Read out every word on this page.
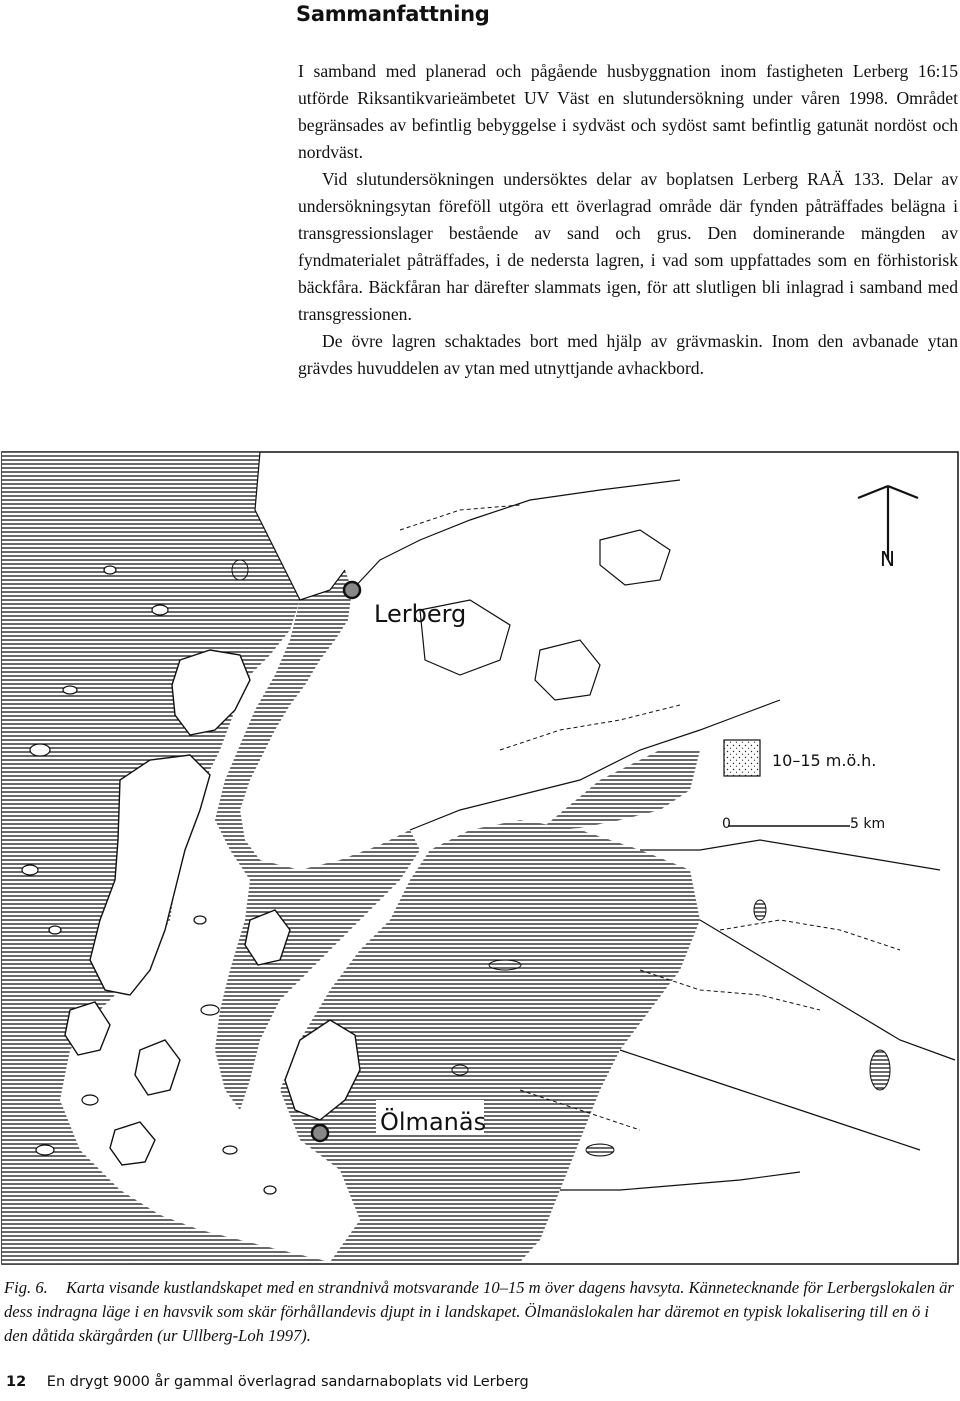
Sammanfattning

I samband med planerad och pågående husbyggnation inom fastigheten Lerberg 16:15 utförde Riksantikvarieämbetet UV Väst en slutundersökning under våren 1998. Området begränsades av befintlig bebyggelse i sydväst och sydöst samt befintlig gatunät nordöst och nordväst.

Vid slutundersökningen undersöktes delar av boplatsen Lerberg RAÄ 133. Delar av undersökningsytan föreföll utgöra ett överlagrad område där fynden påträffades belägna i transgressionslager bestående av sand och grus. Den dominerande mängden av fyndmaterialet påträffades, i de nedersta lagren, i vad som uppfattades som en förhistorisk bäckfåra. Bäckfåran har därefter slammats igen, för att slutligen bli inlagrad i samband med transgressionen.

De övre lagren schaktades bort med hjälp av grävmaskin. Inom den avbanade ytan grävdes huvuddelen av ytan med utnyttjande avhackbord.

N
Lerberg
Ölmanäs
10–15 m.ö.h.
0	5 km
Fig. 6. Karta visande kustlandskapet med en strandnivå motsvarande 10–15 m över dagens havsyta. Kännetecknande för Lerbergslokalen är dess indragna läge i en havsvik som skär förhållandevis djupt in i landskapet. Ölmanäslokalen har däremot en typisk lokalisering till en ö i den dåtida skärgården (ur Ullberg-Loh 1997).
12 En drygt 9000 år gammal överlagrad sandarnaboplats vid Lerberg
